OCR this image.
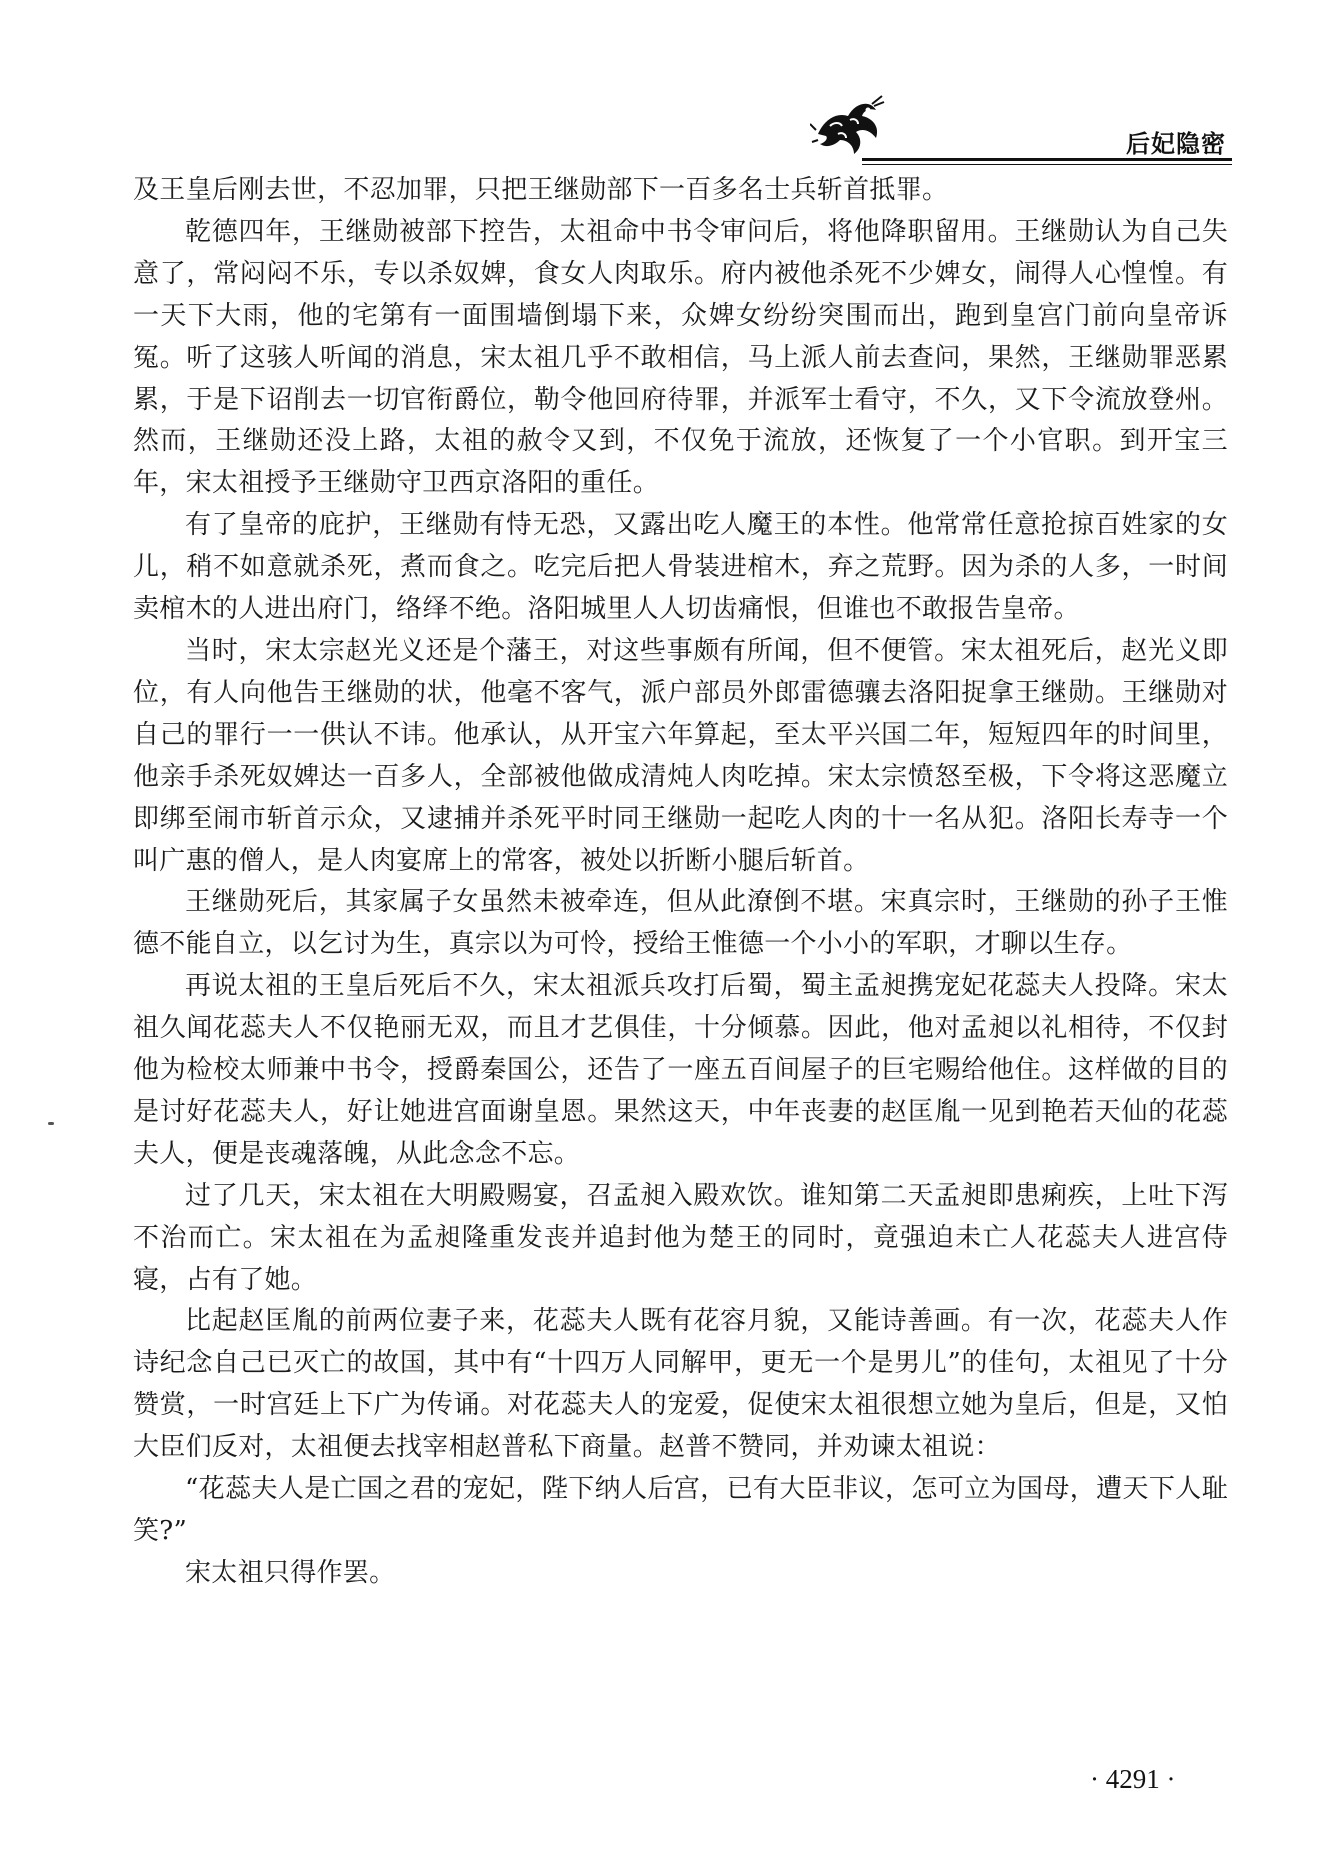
后妃隐密

及王皇后刚去世，不忍加罪，只把王继勋部下一百多名士兵斩首抵罪。

乾德四年，王继勋被部下控告，太祖命中书令审问后，将他降职留用。王继勋认为自己失意了，常闷闷不乐，专以杀奴婢，食女人肉取乐。府内被他杀死不少婢女，闹得人心惶惶。有一天下大雨，他的宅第有一面围墙倒塌下来，众婢女纷纷突围而出，跑到皇宫门前向皇帝诉冤。听了这骇人听闻的消息，宋太祖几乎不敢相信，马上派人前去查问，果然，王继勋罪恶累累，于是下诏削去一切官衔爵位，勒令他回府待罪，并派军士看守，不久，又下令流放登州。然而，王继勋还没上路，太祖的赦令又到，不仅免于流放，还恢复了一个小官职。到开宝三年，宋太祖授予王继勋守卫西京洛阳的重任。

有了皇帝的庇护，王继勋有恃无恐，又露出吃人魔王的本性。他常常任意抢掠百姓家的女儿，稍不如意就杀死，煮而食之。吃完后把人骨装进棺木，弃之荒野。因为杀的人多，一时间卖棺木的人进出府门，络绎不绝。洛阳城里人人切齿痛恨，但谁也不敢报告皇帝。

当时，宋太宗赵光义还是个藩王，对这些事颇有所闻，但不便管。宋太祖死后，赵光义即位，有人向他告王继勋的状，他毫不客气，派户部员外郎雷德骧去洛阳捉拿王继勋。王继勋对自己的罪行一一供认不讳。他承认，从开宝六年算起，至太平兴国二年，短短四年的时间里，他亲手杀死奴婢达一百多人，全部被他做成清炖人肉吃掉。宋太宗愤怒至极，下令将这恶魔立即绑至闹市斩首示众，又逮捕并杀死平时同王继勋一起吃人肉的十一名从犯。洛阳长寿寺一个叫广惠的僧人，是人肉宴席上的常客，被处以折断小腿后斩首。

王继勋死后，其家属子女虽然未被牵连，但从此潦倒不堪。宋真宗时，王继勋的孙子王惟德不能自立，以乞讨为生，真宗以为可怜，授给王惟德一个小小的军职，才聊以生存。

再说太祖的王皇后死后不久，宋太祖派兵攻打后蜀，蜀主孟昶携宠妃花蕊夫人投降。宋太祖久闻花蕊夫人不仅艳丽无双，而且才艺俱佳，十分倾慕。因此，他对孟昶以礼相待，不仅封他为检校太师兼中书令，授爵秦国公，还告了一座五百间屋子的巨宅赐给他住。这样做的目的是讨好花蕊夫人，好让她进宫面谢皇恩。果然这天，中年丧妻的赵匡胤一见到艳若天仙的花蕊夫人，便是丧魂落魄，从此念念不忘。

过了几天，宋太祖在大明殿赐宴，召孟昶入殿欢饮。谁知第二天孟昶即患痢疾，上吐下泻不治而亡。宋太祖在为孟昶隆重发丧并追封他为楚王的同时，竟强迫未亡人花蕊夫人进宫侍寝，占有了她。

比起赵匡胤的前两位妻子来，花蕊夫人既有花容月貌，又能诗善画。有一次，花蕊夫人作诗纪念自己已灭亡的故国，其中有“十四万人同解甲，更无一个是男儿”的佳句，太祖见了十分赞赏，一时宫廷上下广为传诵。对花蕊夫人的宠爱，促使宋太祖很想立她为皇后，但是，又怕大臣们反对，太祖便去找宰相赵普私下商量。赵普不赞同，并劝谏太祖说：

“花蕊夫人是亡国之君的宠妃，陛下纳人后宫，已有大臣非议，怎可立为国母，遭天下人耻笑?”

宋太祖只得作罢。

· 4291 ·
